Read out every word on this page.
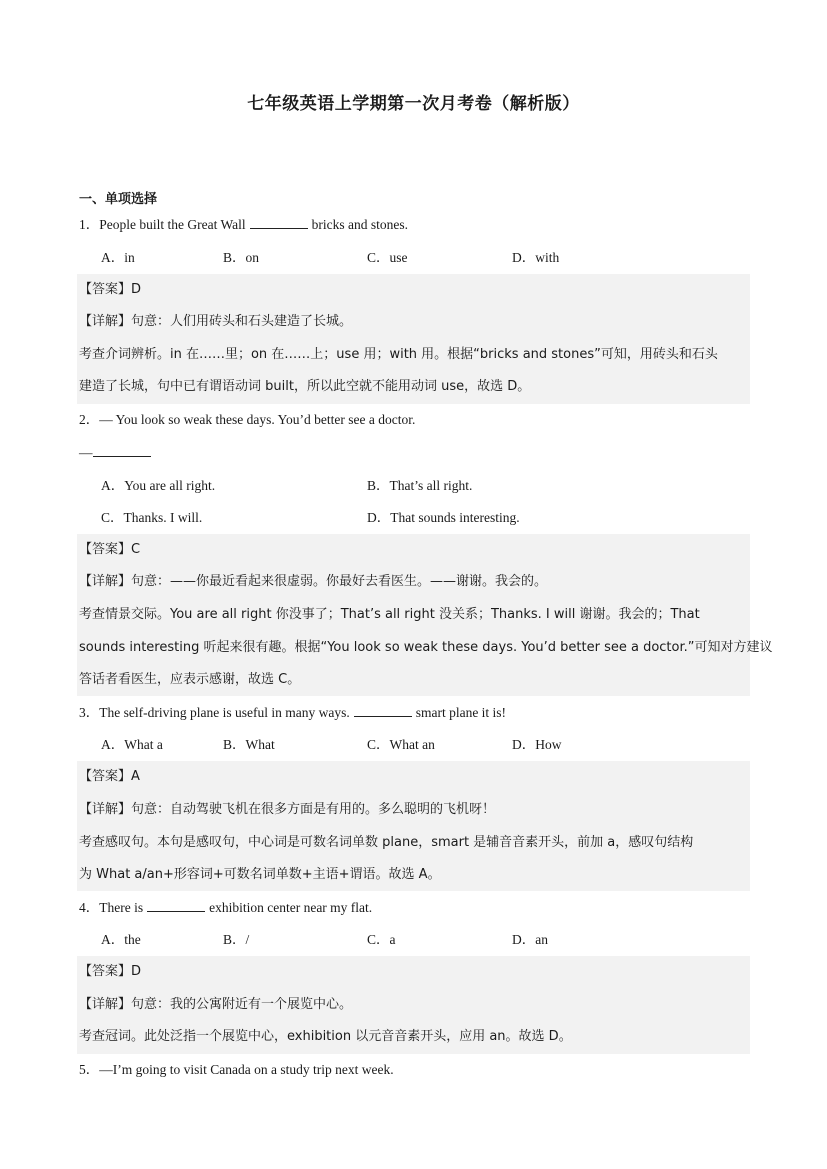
七年级英语上学期第一次月考卷（解析版）
一、单项选择
1．People built the Great Wall	bricks and stones.
A．in	B．on	C．use	D．with
【答案】D
【详解】句意：人们用砖头和石头建造了长城。
考查介词辨析。in 在……里；on 在……上；use 用；with 用。根据“bricks and stones”可知，用砖头和石头
建造了长城，句中已有谓语动词 built，所以此空就不能用动词 use，故选 D。
2．— You look so weak these days. You’d better see a doctor.
—
A．You are all right.	B．That’s all right.
C．Thanks. I will.	D．That sounds interesting.
【答案】C
【详解】句意：——你最近看起来很虚弱。你最好去看医生。——谢谢。我会的。
考查情景交际。You are all right 你没事了；That’s all right 没关系；Thanks. I will 谢谢。我会的；That
sounds interesting 听起来很有趣。根据“You look so weak these days. You’d better see a doctor.”可知对方建议
答话者看医生，应表示感谢，故选 C。
3．The self-driving plane is useful in many ways.	smart plane it is!
A．What a	B．What	C．What an	D．How
【答案】A
【详解】句意：自动驾驶飞机在很多方面是有用的。多么聪明的飞机呀！
考查感叹句。本句是感叹句，中心词是可数名词单数 plane，smart 是辅音音素开头，前加 a，感叹句结构
为 What a/an+形容词+可数名词单数+主语+谓语。故选 A。
4．There is	exhibition center near my flat.
A．the	B．/	C．a	D．an
【答案】D
【详解】句意：我的公寓附近有一个展览中心。
考查冠词。此处泛指一个展览中心，exhibition 以元音音素开头，应用 an。故选 D。
5．—I’m going to visit Canada on a study trip next week.
